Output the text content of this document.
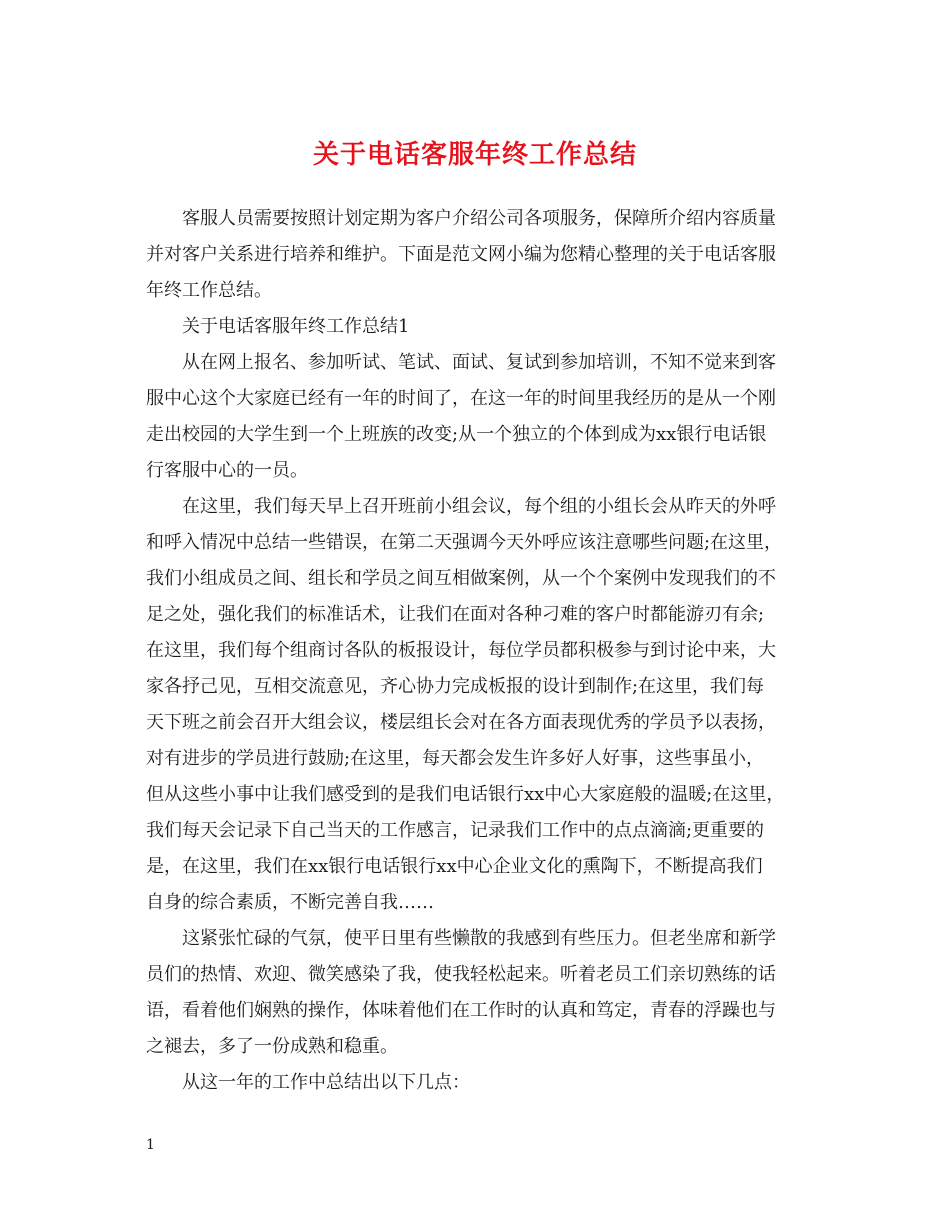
关于电话客服年终工作总结
客服人员需要按照计划定期为客户介绍公司各项服务，保障所介绍内容质量
并对客户关系进行培养和维护。下面是范文网小编为您精心整理的关于电话客服
年终工作总结。
关于电话客服年终工作总结1
从在网上报名、参加听试、笔试、面试、复试到参加培训，不知不觉来到客
服中心这个大家庭已经有一年的时间了，在这一年的时间里我经历的是从一个刚
走出校园的大学生到一个上班族的改变;从一个独立的个体到成为xx银行电话银
行客服中心的一员。
在这里，我们每天早上召开班前小组会议，每个组的小组长会从昨天的外呼
和呼入情况中总结一些错误，在第二天强调今天外呼应该注意哪些问题;在这里，
我们小组成员之间、组长和学员之间互相做案例，从一个个案例中发现我们的不
足之处，强化我们的标准话术，让我们在面对各种刁难的客户时都能游刃有余;
在这里，我们每个组商讨各队的板报设计，每位学员都积极参与到讨论中来，大
家各抒己见，互相交流意见，齐心协力完成板报的设计到制作;在这里，我们每
天下班之前会召开大组会议，楼层组长会对在各方面表现优秀的学员予以表扬，
对有进步的学员进行鼓励;在这里，每天都会发生许多好人好事，这些事虽小，
但从这些小事中让我们感受到的是我们电话银行xx中心大家庭般的温暖;在这里，
我们每天会记录下自己当天的工作感言，记录我们工作中的点点滴滴;更重要的
是，在这里，我们在xx银行电话银行xx中心企业文化的熏陶下，不断提高我们
自身的综合素质，不断完善自我……
这紧张忙碌的气氛，使平日里有些懒散的我感到有些压力。但老坐席和新学
员们的热情、欢迎、微笑感染了我，使我轻松起来。听着老员工们亲切熟练的话
语，看着他们娴熟的操作，体味着他们在工作时的认真和笃定，青春的浮躁也与
之褪去，多了一份成熟和稳重。
从这一年的工作中总结出以下几点：
1
